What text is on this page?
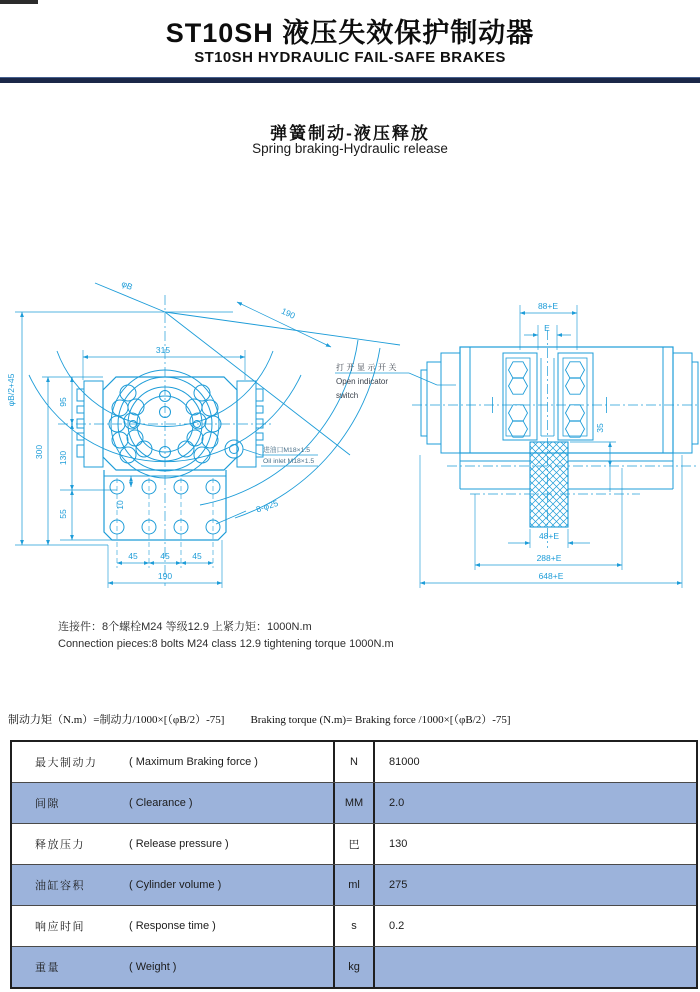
ST10SH 液压失效保护制动器
ST10SH HYDRAULIC FAIL-SAFE BRAKES
弹簧制动-液压释放
Spring braking-Hydraulic release
φB
190
315
φB/2+45
300
95
130
55
10
45	45	45
190
8-φ25
进油口M18×1.5
Oil inlet M18×1.5
88+E
E
35
48+E
288+E
648+E
打开显示开关
Open indicator
switch
连接件：8个螺栓M24 等级12.9 上紧力矩：1000N.m
Connection pieces:8 bolts M24 class 12.9 tightening torque 1000N.m
制动力矩（N.m）=制动力/1000×[（φB/2）-75] Braking torque (N.m)= Braking force /1000×[（φB/2）-75]
最大制动力	( Maximum Braking force )	N	81000
间隙	( Clearance )	MM	2.0
释放压力	( Release pressure )	巴	130
油缸容积	( Cylinder volume )	ml	275
响应时间	( Response time )	s	0.2
重量	( Weight )	kg
